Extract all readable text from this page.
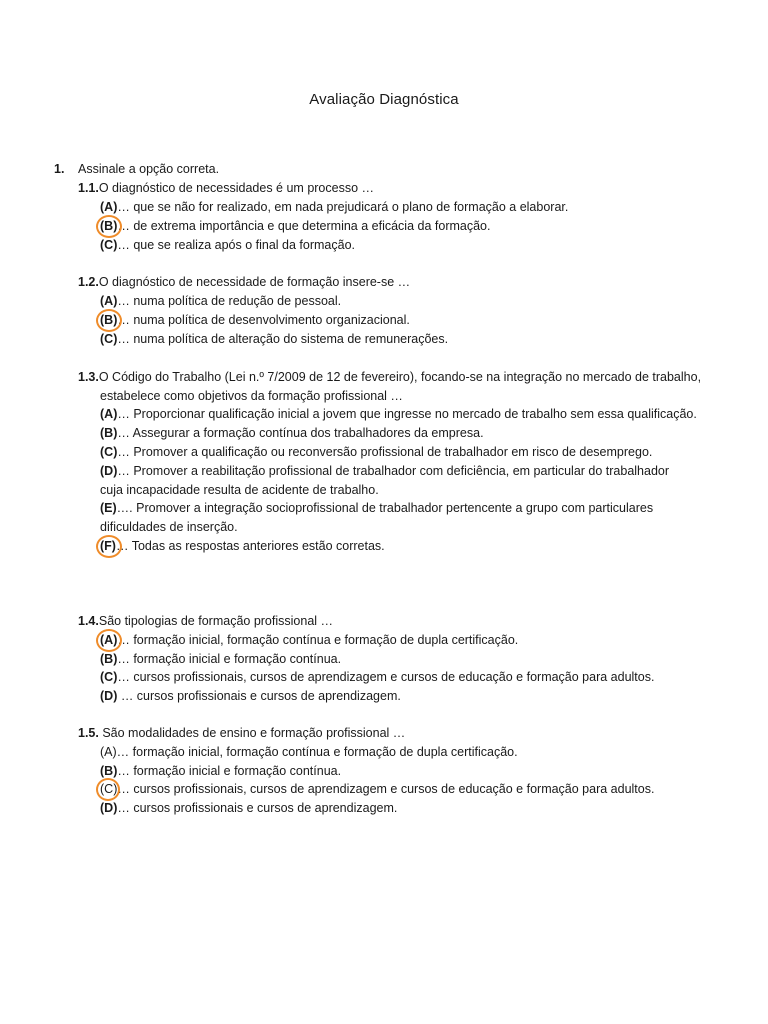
Avaliação Diagnóstica
1. Assinale a opção correta.
1.1.O diagnóstico de necessidades é um processo …
(A)… que se não for realizado, em nada prejudicará o plano de formação a elaborar.
(B)… de extrema importância e que determina a eficácia da formação.
(C)… que se realiza após o final da formação.
1.2.O diagnóstico de necessidade de formação insere-se …
(A)… numa política de redução de pessoal.
(B)… numa política de desenvolvimento organizacional.
(C)… numa política de alteração do sistema de remunerações.
1.3.O Código do Trabalho (Lei n.º 7/2009 de 12 de fevereiro), focando-se na integração no mercado de trabalho,
estabelece como objetivos da formação profissional …
(A)… Proporcionar qualificação inicial a jovem que ingresse no mercado de trabalho sem essa qualificação.
(B)… Assegurar a formação contínua dos trabalhadores da empresa.
(C)… Promover a qualificação ou reconversão profissional de trabalhador em risco de desemprego.
(D)… Promover a reabilitação profissional de trabalhador com deficiência, em particular do trabalhador
cuja incapacidade resulta de acidente de trabalho.
(E)…. Promover a integração socioprofissional de trabalhador pertencente a grupo com particulares
dificuldades de inserção.
(F)… Todas as respostas anteriores estão corretas.
1.4.São tipologias de formação profissional …
(A)… formação inicial, formação contínua e formação de dupla certificação.
(B)… formação inicial e formação contínua.
(C)… cursos profissionais, cursos de aprendizagem e cursos de educação e formação para adultos.
(D) … cursos profissionais e cursos de aprendizagem.
1.5. São modalidades de ensino e formação profissional …
(A)… formação inicial, formação contínua e formação de dupla certificação.
(B)… formação inicial e formação contínua.
(C)… cursos profissionais, cursos de aprendizagem e cursos de educação e formação para adultos.
(D)… cursos profissionais e cursos de aprendizagem.
